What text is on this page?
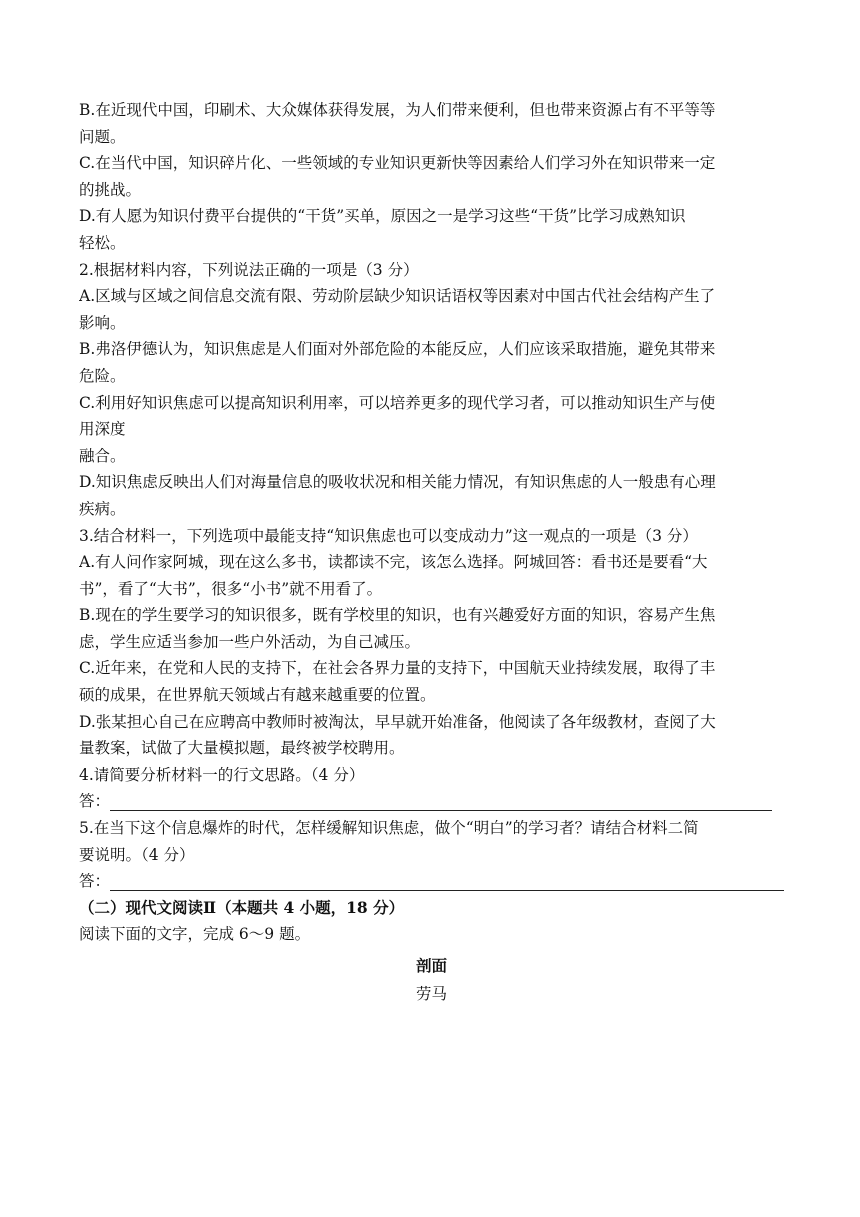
B.在近现代中国，印刷术、大众媒体获得发展，为人们带来便利，但也带来资源占有不平等等
问题。
C.在当代中国，知识碎片化、一些领域的专业知识更新快等因素给人们学习外在知识带来一定
的挑战。
D.有人愿为知识付费平台提供的“干货”买单，原因之一是学习这些“干货”比学习成熟知识
轻松。
2.根据材料内容，下列说法正确的一项是（3 分）
A.区域与区域之间信息交流有限、劳动阶层缺少知识话语权等因素对中国古代社会结构产生了
影响。
B.弗洛伊德认为，知识焦虑是人们面对外部危险的本能反应，人们应该采取措施，避免其带来
危险。
C.利用好知识焦虑可以提高知识利用率，可以培养更多的现代学习者，可以推动知识生产与使
用深度
融合。
D.知识焦虑反映出人们对海量信息的吸收状况和相关能力情况，有知识焦虑的人一般患有心理
疾病。
3.结合材料一，下列选项中最能支持“知识焦虑也可以变成动力”这一观点的一项是（3 分）
A.有人问作家阿城，现在这么多书，读都读不完，该怎么选择。阿城回答：看书还是要看“大
书”，看了“大书”，很多“小书”就不用看了。
B.现在的学生要学习的知识很多，既有学校里的知识，也有兴趣爱好方面的知识，容易产生焦
虑，学生应适当参加一些户外活动，为自己减压。
C.近年来，在党和人民的支持下，在社会各界力量的支持下，中国航天业持续发展，取得了丰
硕的成果，在世界航天领域占有越来越重要的位置。
D.张某担心自己在应聘高中教师时被淘汰，早早就开始准备，他阅读了各年级教材，查阅了大
量教案，试做了大量模拟题，最终被学校聘用。
4.请简要分析材料一的行文思路。（4 分）
答：
5.在当下这个信息爆炸的时代，怎样缓解知识焦虑，做个“明白”的学习者？请结合材料二简
要说明。（4 分）
答：
（二）现代文阅读Ⅱ（本题共 4 小题，18 分）
阅读下面的文字，完成 6～9 题。
剖面
劳马
